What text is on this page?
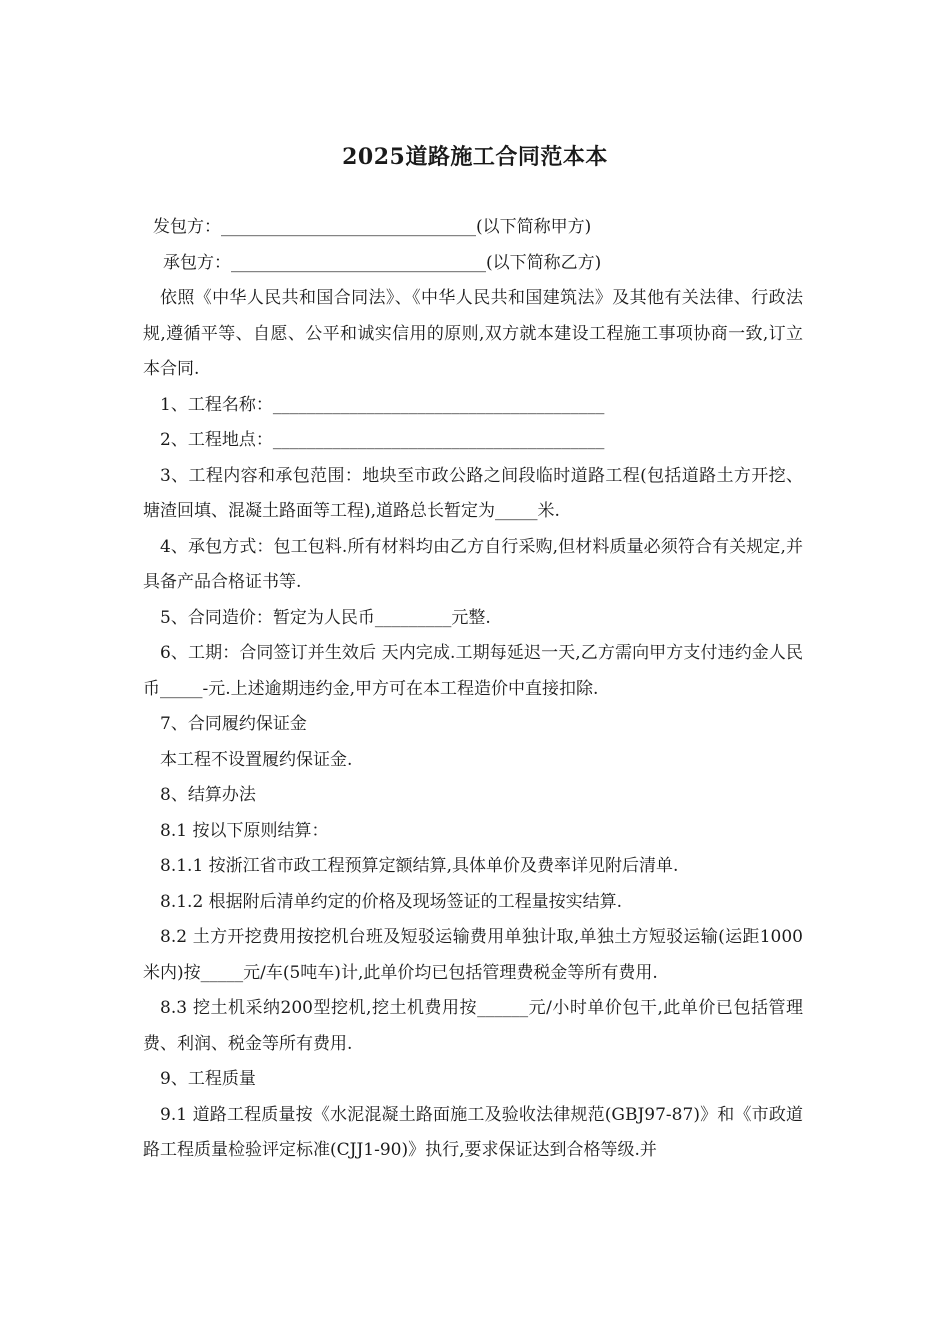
2025道路施工合同范本本

发包方：______________________________(以下简称甲方)

承包方：______________________________(以下简称乙方)

依照《中华人民共和国合同法》、《中华人民共和国建筑法》及其他有关法律、行政法规,遵循平等、自愿、公平和诚实信用的原则,双方就本建设工程施工事项协商一致,订立本合同.

1、工程名称：_______________________________________

2、工程地点：_______________________________________

3、工程内容和承包范围：地块至市政公路之间段临时道路工程(包括道路土方开挖、塘渣回填、混凝土路面等工程),道路总长暂定为_____米.

4、承包方式：包工包料.所有材料均由乙方自行采购,但材料质量必须符合有关规定,并具备产品合格证书等.

5、合同造价：暂定为人民币_________元整.

6、工期：合同签订并生效后 天内完成.工期每延迟一天,乙方需向甲方支付违约金人民币_____-元.上述逾期违约金,甲方可在本工程造价中直接扣除.

7、合同履约保证金

本工程不设置履约保证金.

8、结算办法

8.1 按以下原则结算：

8.1.1 按浙江省市政工程预算定额结算,具体单价及费率详见附后清单.

8.1.2 根据附后清单约定的价格及现场签证的工程量按实结算.

8.2 土方开挖费用按挖机台班及短驳运输费用单独计取,单独土方短驳运输(运距1000米内)按_____元/车(5吨车)计,此单价均已包括管理费税金等所有费用.

8.3 挖土机采纳200型挖机,挖土机费用按______元/小时单价包干,此单价已包括管理费、利润、税金等所有费用.

9、工程质量

9.1 道路工程质量按《水泥混凝土路面施工及验收法律规范(GBJ97-87)》和《市政道路工程质量检验评定标准(CJJ1-90)》执行,要求保证达到合格等级.并
